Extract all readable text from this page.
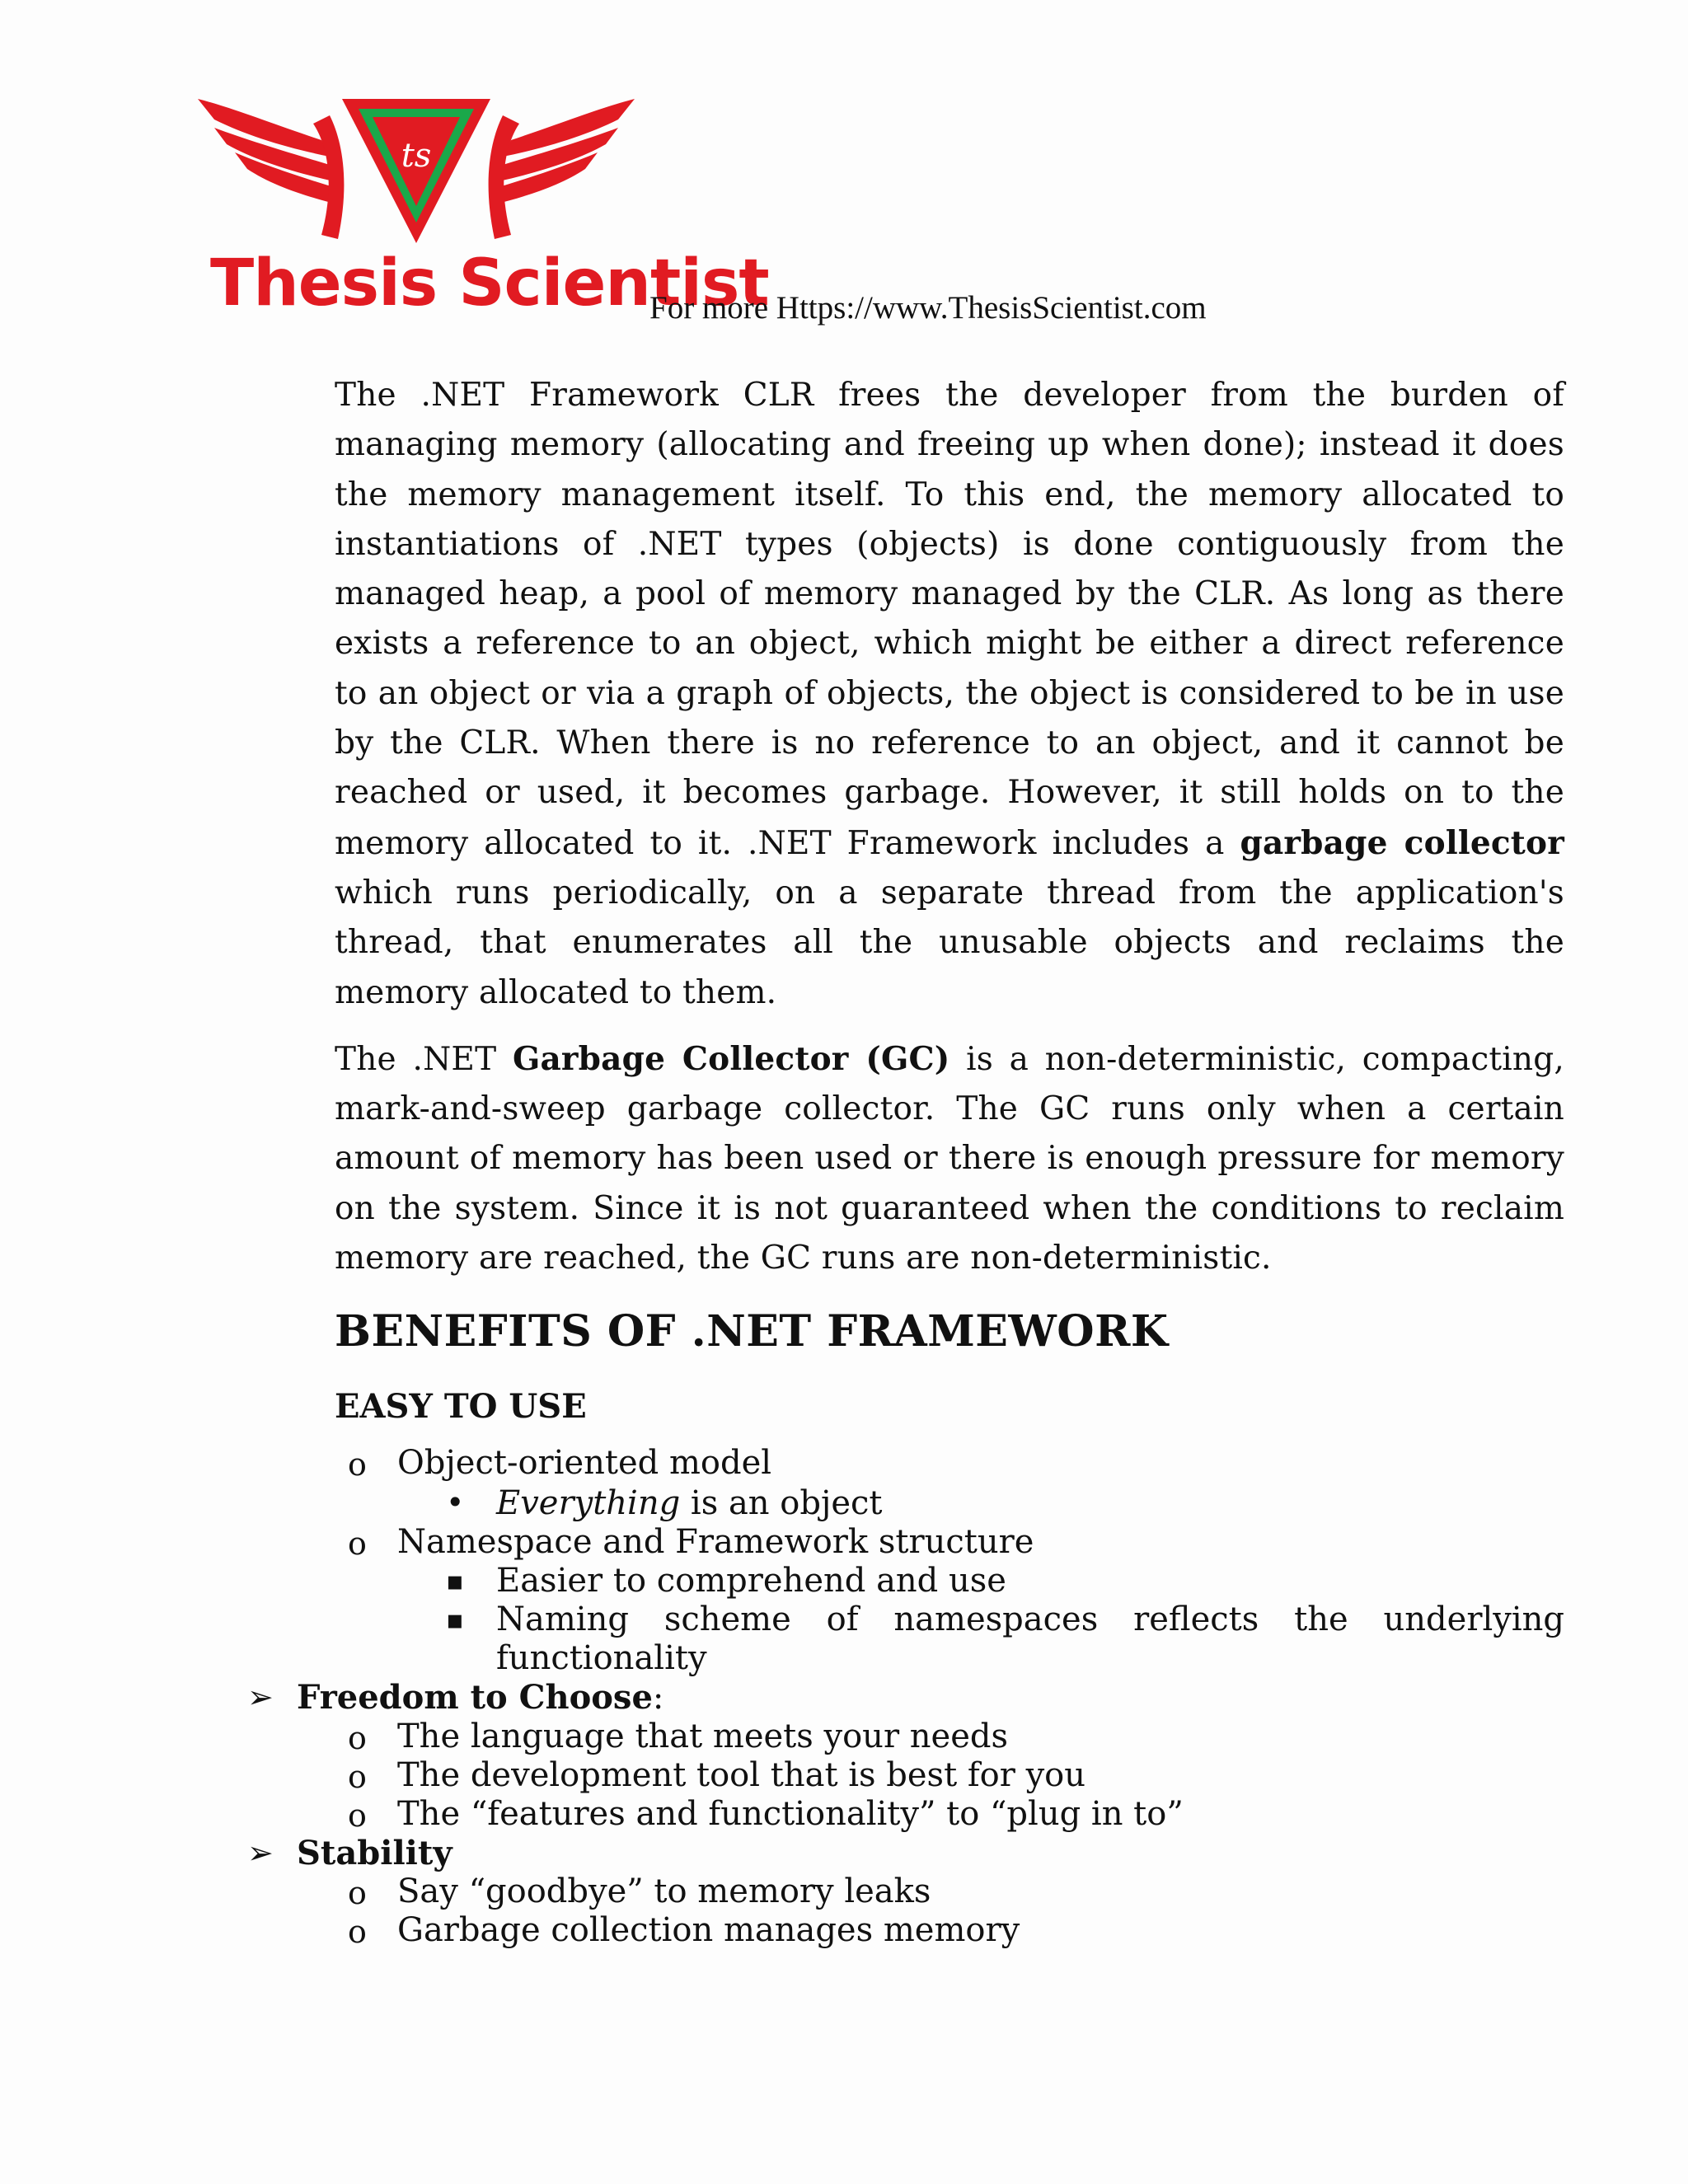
ts
Thesis Scientist
For more Https://www.ThesisScientist.com

The .NET Framework CLR frees the developer from the burden of managing memory (allocating and freeing up when done); instead it does the memory management itself. To this end, the memory allocated to instantiations of .NET types (objects) is done contiguously from the managed heap, a pool of memory managed by the CLR. As long as there exists a reference to an object, which might be either a direct reference to an object or via a graph of objects, the object is considered to be in use by the CLR. When there is no reference to an object, and it cannot be reached or used, it becomes garbage. However, it still holds on to the memory allocated to it. .NET Framework includes a garbage collector which runs periodically, on a separate thread from the application's thread, that enumerates all the unusable objects and reclaims the memory allocated to them.

The .NET Garbage Collector (GC) is a non-deterministic, compacting, mark-and-sweep garbage collector. The GC runs only when a certain amount of memory has been used or there is enough pressure for memory on the system. Since it is not guaranteed when the conditions to reclaim memory are reached, the GC runs are non-deterministic.

BENEFITS OF .NET FRAMEWORK
EASY TO USE
o Object-oriented model
• Everything is an object
o Namespace and Framework structure
▪ Easier to comprehend and use
▪ Naming scheme of namespaces reflects the underlying
functionality
➢ Freedom to Choose:
o The language that meets your needs
o The development tool that is best for you
o The “features and functionality” to “plug in to”
➢ Stability
o Say “goodbye” to memory leaks
o Garbage collection manages memory
